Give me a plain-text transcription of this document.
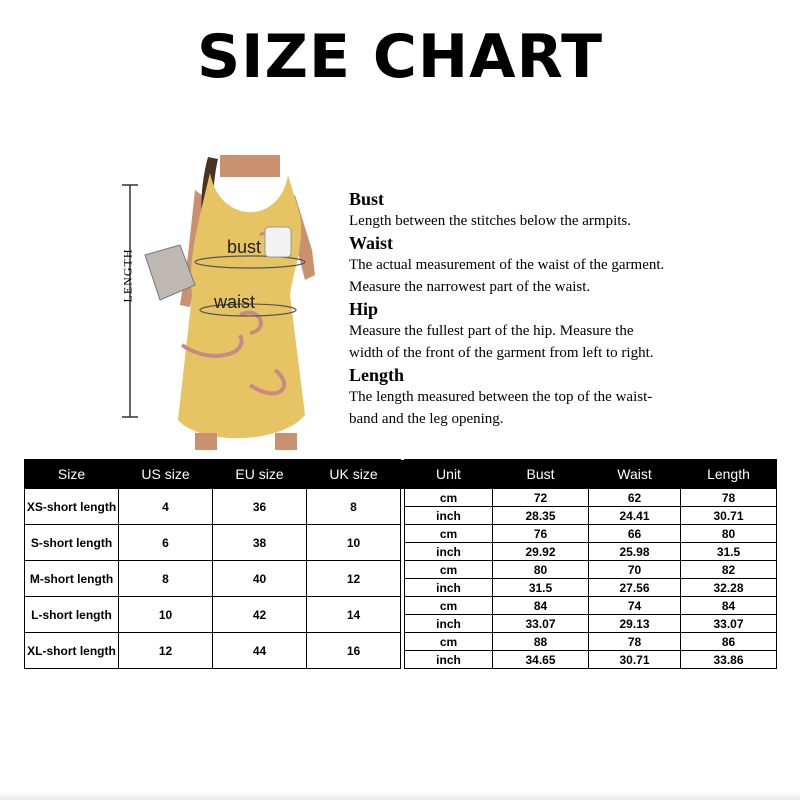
SIZE CHART
LENGTH
bust
waist
Bust
Length between the stitches below the armpits.
Waist
The actual measurement of the waist of the garment.
Measure the narrowest part of the waist.
Hip
Measure the fullest part of the hip. Measure the
width of the front of the garment from left to right.
Length
The length measured between the top of the waist-
band and the leg opening.
Size	US size	EU size	UK size		Unit	Bust	Waist	Length
XS-short length	4	36	8		cm	72	62	78
					inch	28.35	24.41	30.71
S-short length	6	38	10		cm	76	66	80
					inch	29.92	25.98	31.5
M-short length	8	40	12		cm	80	70	82
					inch	31.5	27.56	32.28
L-short length	10	42	14		cm	84	74	84
					inch	33.07	29.13	33.07
XL-short length	12	44	16		cm	88	78	86
					inch	34.65	30.71	33.86
